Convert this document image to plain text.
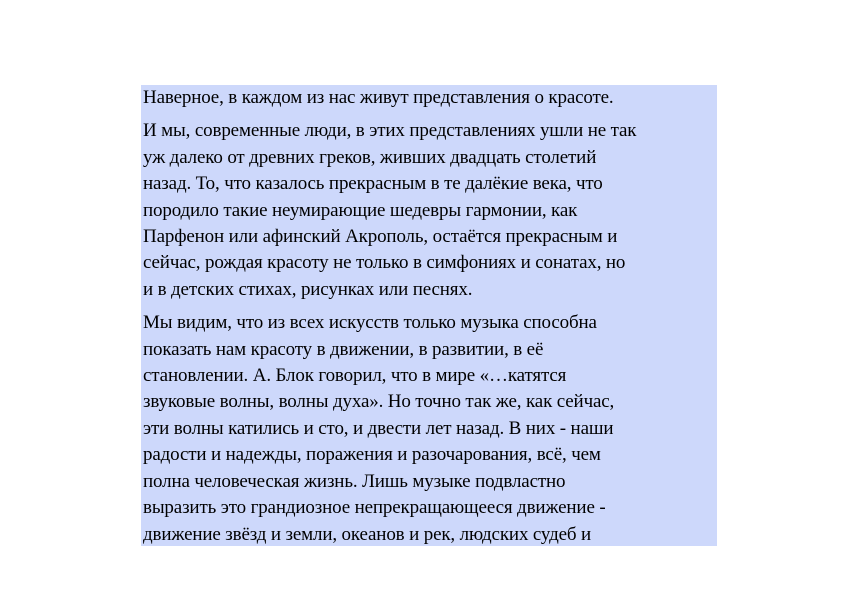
Наверное, в каждом из нас живут представления о красоте.

И мы, современные люди, в этих представлениях ушли не так
уж далеко от древних греков, живших двадцать столетий
назад. То, что казалось прекрасным в те далёкие века, что
породило такие неумирающие шедевры гармонии, как
Парфенон или афинский Акрополь, остаётся прекрасным и
сейчас, рождая красоту не только в симфониях и сонатах, но
и в детских стихах, рисунках или песнях.

Мы видим, что из всех искусств только музыка способна
показать нам красоту в движении, в развитии, в её
становлении. А. Блок говорил, что в мире «…катятся
звуковые волны, волны духа». Но точно так же, как сейчас,
эти волны катились и сто, и двести лет назад. В них - наши
радости и надежды, поражения и разочарования, всё, чем
полна человеческая жизнь. Лишь музыке подвластно
выразить это грандиозное непрекращающееся движение -
движение звёзд и земли, океанов и рек, людских судеб и
